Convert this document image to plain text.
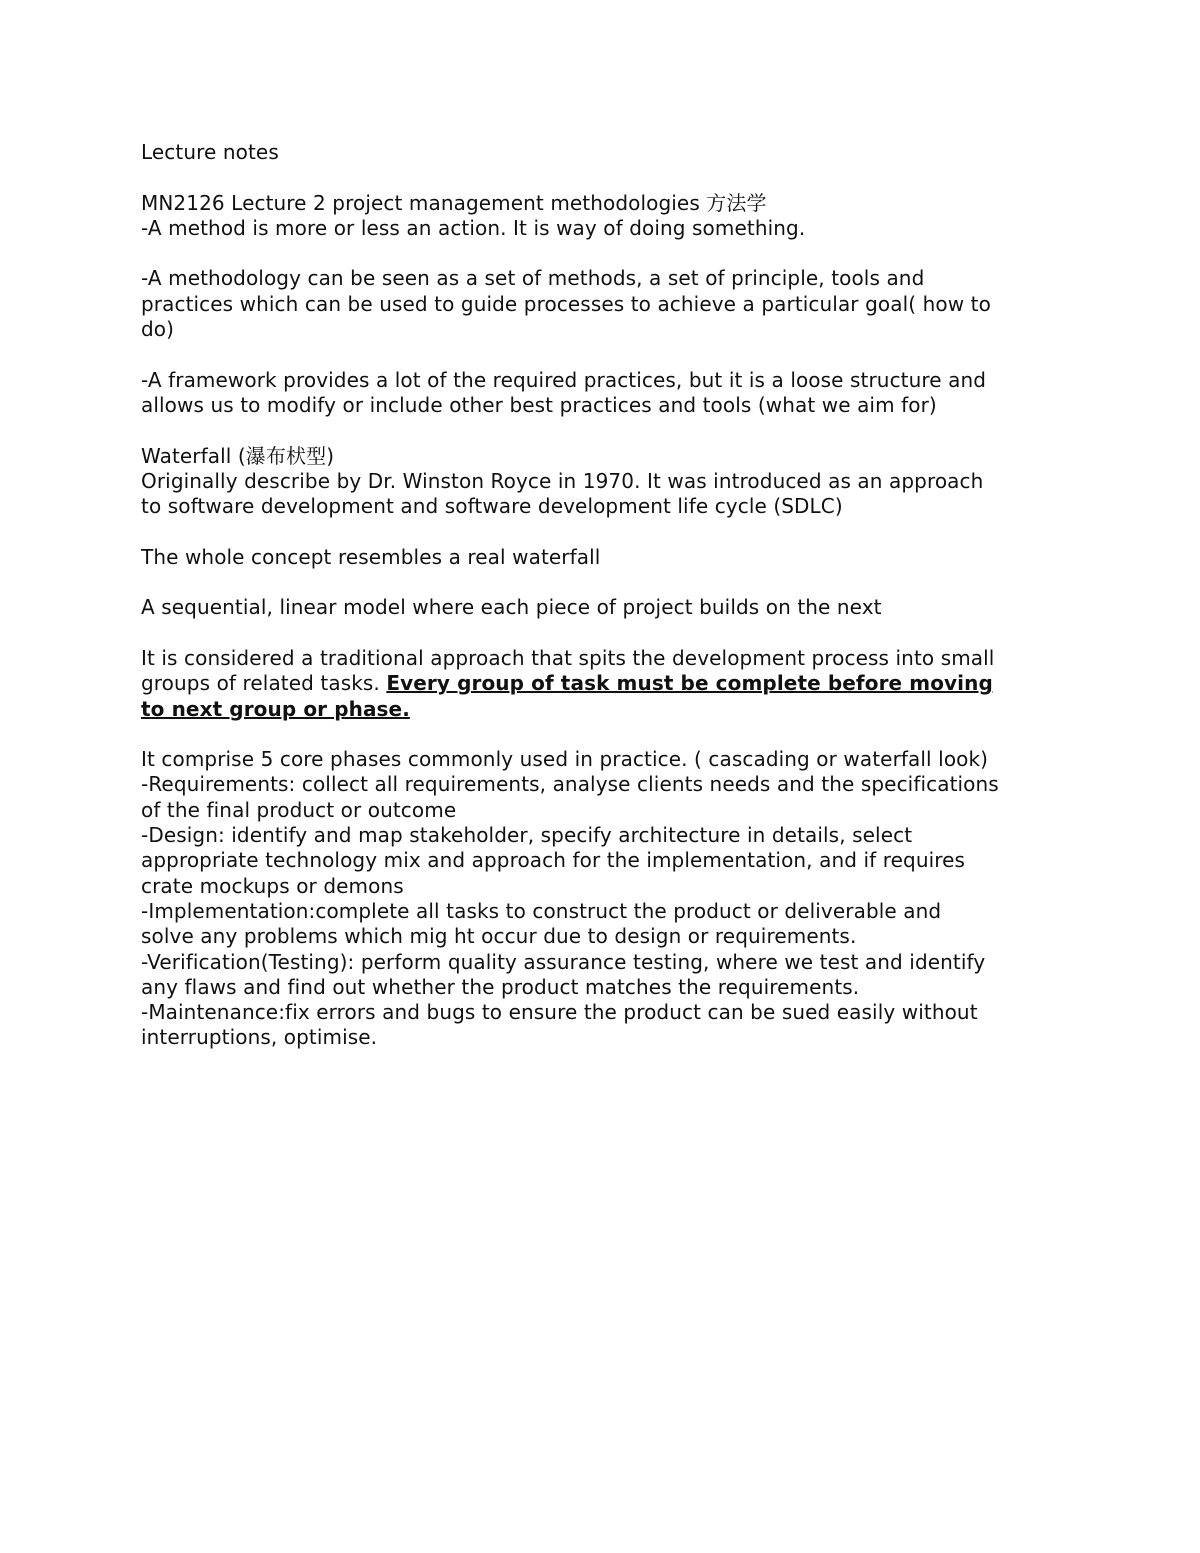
Lecture notes
MN2126 Lecture 2 project management methodologies 方法学
-A method is more or less an action. It is way of doing something.
-A methodology can be seen as a set of methods, a set of principle, tools and
practices which can be used to guide processes to achieve a particular goal( how to
do)
-A framework provides a lot of the required practices, but it is a loose structure and
allows us to modify or include other best practices and tools (what we aim for)
Waterfall (瀑布枤型)
Originally describe by Dr. Winston Royce in 1970. It was introduced as an approach
to software development and software development life cycle (SDLC)
The whole concept resembles a real waterfall
A sequential, linear model where each piece of project builds on the next
It is considered a traditional approach that spits the development process into small
groups of related tasks. Every group of task must be complete before moving
to next group or phase.
It comprise 5 core phases commonly used in practice. ( cascading or waterfall look)
-Requirements: collect all requirements, analyse clients needs and the specifications
of the final product or outcome
-Design: identify and map stakeholder, specify architecture in details, select
appropriate technology mix and approach for the implementation, and if requires
crate mockups or demons
-Implementation:complete all tasks to construct the product or deliverable and
solve any problems which mig ht occur due to design or requirements.
-Verification(Testing): perform quality assurance testing, where we test and identify
any flaws and find out whether the product matches the requirements.
-Maintenance:fix errors and bugs to ensure the product can be sued easily without
interruptions, optimise.
